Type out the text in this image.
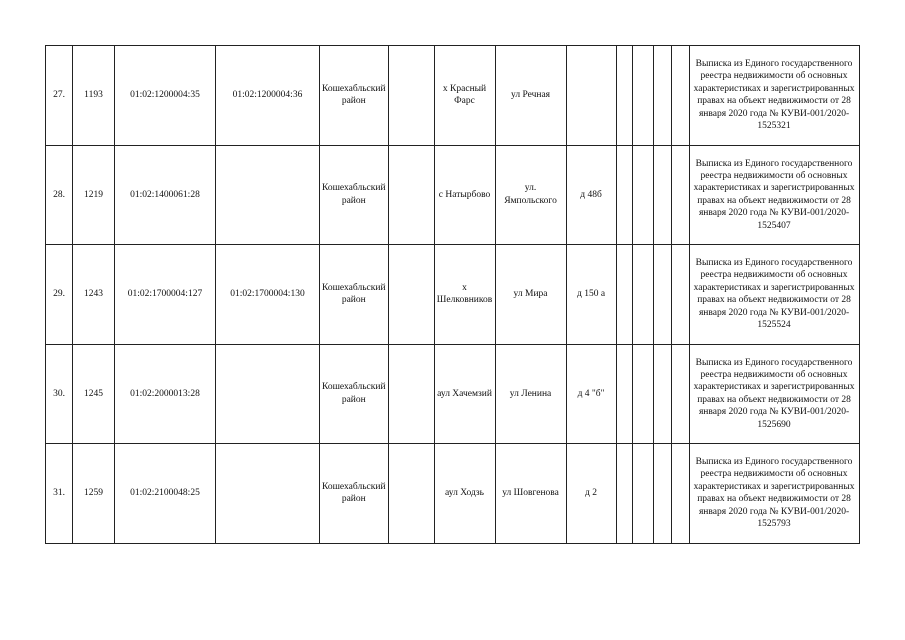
27.	1193	01:02:1200004:35	01:02:1200004:36	Кошехабльский район		х Красный Фарс	ул Речная						Выписка из Единого государственного реестра недвижимости об основных характеристиках и зарегистрированных правах на объект недвижимости от 28 января 2020 года № КУВИ-001/2020-1525321
28.	1219	01:02:1400061:28		Кошехабльский район		с Натырбово	ул. Ямпольского	д 48б					Выписка из Единого государственного реестра недвижимости об основных характеристиках и зарегистрированных правах на объект недвижимости от 28 января 2020 года № КУВИ-001/2020-1525407
29.	1243	01:02:1700004:127	01:02:1700004:130	Кошехабльский район		х Шелковников	ул Мира	д 150 а					Выписка из Единого государственного реестра недвижимости об основных характеристиках и зарегистрированных правах на объект недвижимости от 28 января 2020 года № КУВИ-001/2020-1525524
30.	1245	01:02:2000013:28		Кошехабльский район		аул Хачемзий	ул Ленина	д 4 "б"					Выписка из Единого государственного реестра недвижимости об основных характеристиках и зарегистрированных правах на объект недвижимости от 28 января 2020 года № КУВИ-001/2020-1525690
31.	1259	01:02:2100048:25		Кошехабльский район		аул Ходзь	ул Шовгенова	д 2					Выписка из Единого государственного реестра недвижимости об основных характеристиках и зарегистрированных правах на объект недвижимости от 28 января 2020 года № КУВИ-001/2020-1525793
